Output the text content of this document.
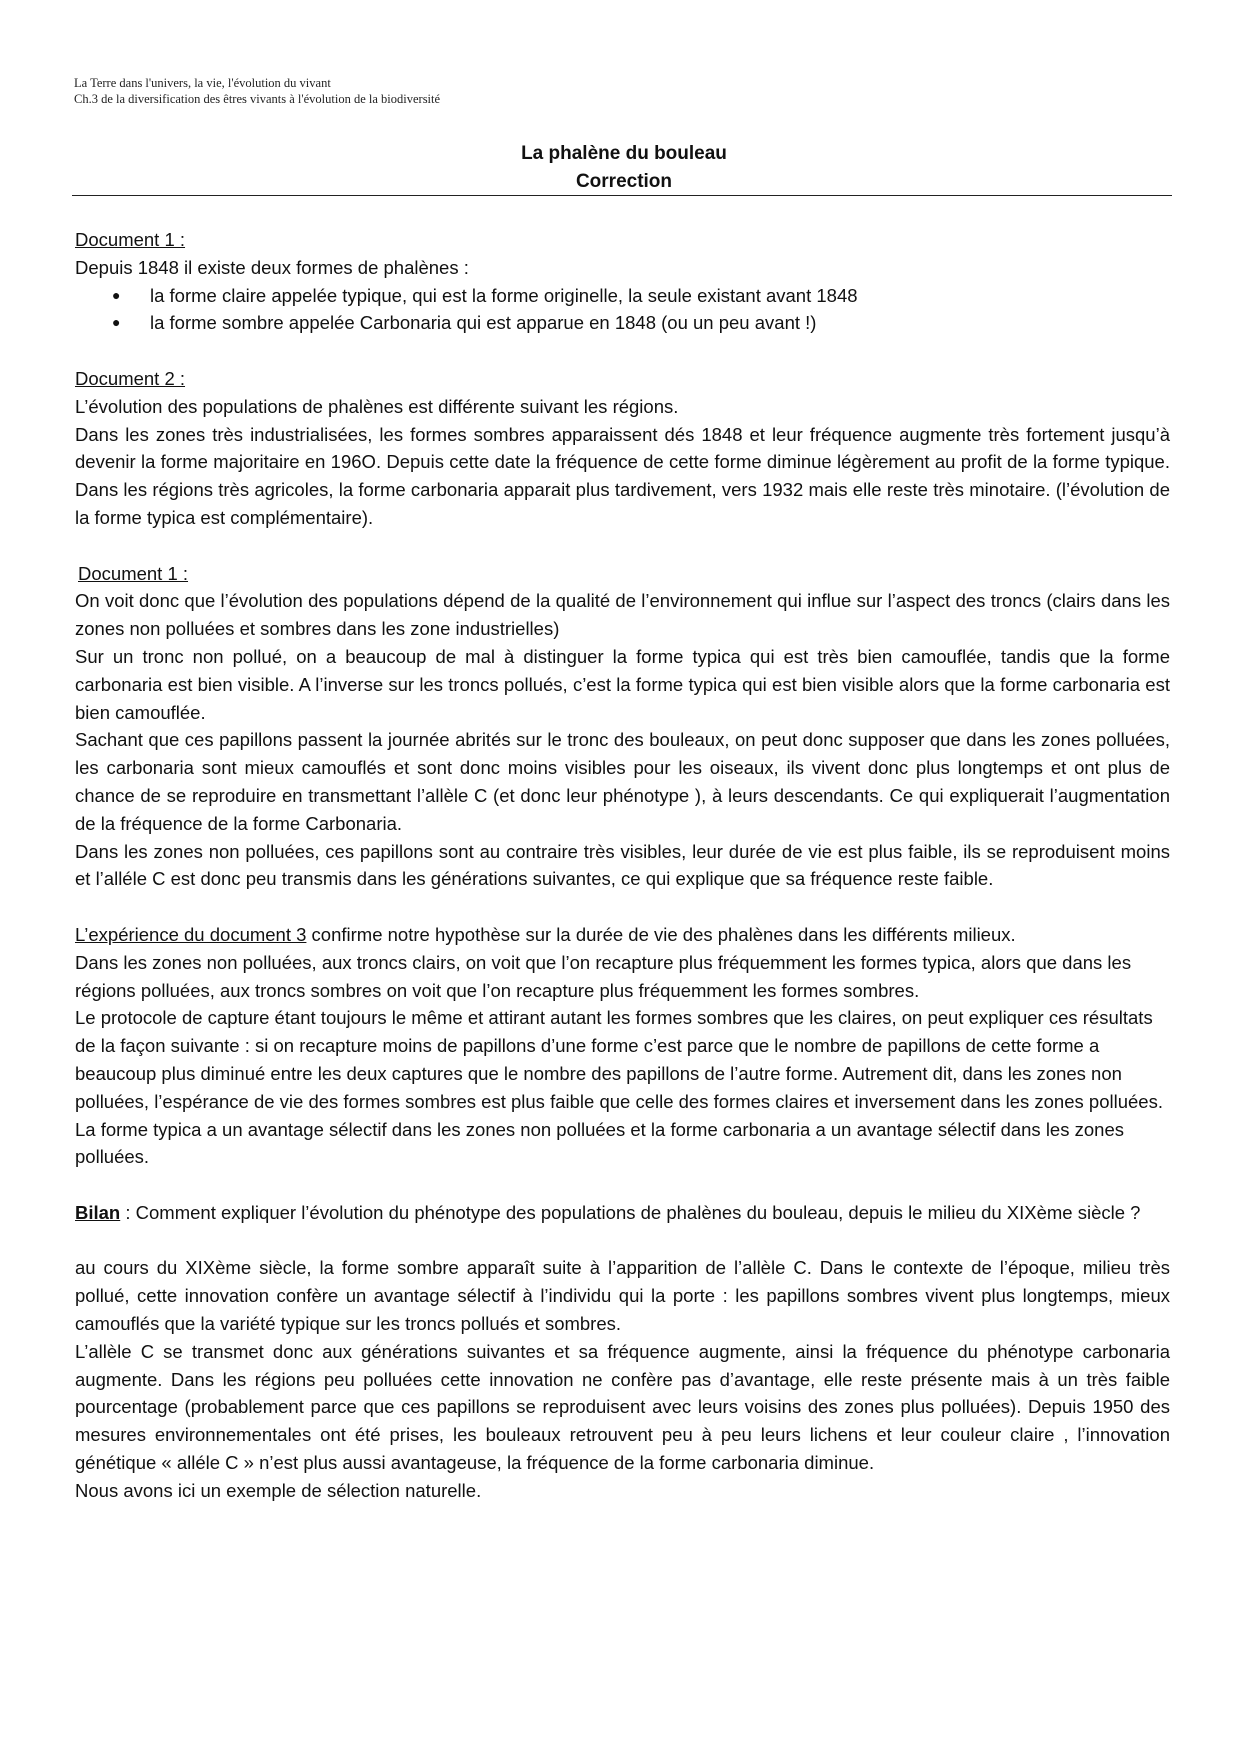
La Terre dans l'univers, la vie, l'évolution du vivant
Ch.3 de la diversification des êtres vivants à l'évolution de la biodiversité
La phalène du bouleau
Correction

Document 1 :

Depuis 1848 il existe deux formes de phalènes :

● la forme claire appelée typique, qui est la forme originelle, la seule existant avant 1848
● la forme sombre appelée Carbonaria qui est apparue en 1848 (ou un peu avant !)

Document 2 :

L’évolution des populations de phalènes est différente suivant les régions.

Dans les zones très industrialisées, les formes sombres apparaissent dés 1848 et leur fréquence augmente très fortement jusqu’à devenir la forme majoritaire en 196O. Depuis cette date la fréquence de cette forme diminue légèrement au profit de la forme typique. Dans les régions très agricoles, la forme carbonaria apparait plus tardivement, vers 1932 mais elle reste très minotaire. (l’évolution de la forme typica est complémentaire).

Document 1 :

On voit donc que l’évolution des populations dépend de la qualité de l’environnement qui influe sur l’aspect des troncs (clairs dans les zones non polluées et sombres dans les zone industrielles)

Sur un tronc non pollué, on a beaucoup de mal à distinguer la forme typica qui est très bien camouflée, tandis que la forme carbonaria est bien visible. A l’inverse sur les troncs pollués, c’est la forme typica qui est bien visible alors que la forme carbonaria est bien camouflée.

Sachant que ces papillons passent la journée abrités sur le tronc des bouleaux, on peut donc supposer que dans les zones polluées, les carbonaria sont mieux camouflés et sont donc moins visibles pour les oiseaux, ils vivent donc plus longtemps et ont plus de chance de se reproduire en transmettant l’allèle C (et donc leur phénotype ), à leurs descendants. Ce qui expliquerait l’augmentation de la fréquence de la forme Carbonaria.

Dans les zones non polluées, ces papillons sont au contraire très visibles, leur durée de vie est plus faible, ils se reproduisent moins et l’alléle C est donc peu transmis dans les générations suivantes, ce qui explique que sa fréquence reste faible.

L’expérience du document 3 confirme notre hypothèse sur la durée de vie des phalènes dans les différents milieux.

Dans les zones non polluées, aux troncs clairs, on voit que l’on recapture plus fréquemment les formes typica, alors que dans les régions polluées, aux troncs sombres on voit que l’on recapture plus fréquemment les formes sombres.

Le protocole de capture étant toujours le même et attirant autant les formes sombres que les claires, on peut expliquer ces résultats de la façon suivante : si on recapture moins de papillons d’une forme c’est parce que le nombre de papillons de cette forme a beaucoup plus diminué entre les deux captures que le nombre des papillons de l’autre forme. Autrement dit, dans les zones non polluées, l’espérance de vie des formes sombres est plus faible que celle des formes claires et inversement dans les zones polluées.

La forme typica a un avantage sélectif dans les zones non polluées et la forme carbonaria a un avantage sélectif dans les zones polluées.

Bilan : Comment expliquer l’évolution du phénotype des populations de phalènes du bouleau, depuis le milieu du XIXème siècle ?

au cours du XIXème siècle, la forme sombre apparaît suite à l’apparition de l’allèle C. Dans le contexte de l’époque, milieu très pollué, cette innovation confère un avantage sélectif à l’individu qui la porte : les papillons sombres vivent plus longtemps, mieux camouflés que la variété typique sur les troncs pollués et sombres.

L’allèle C se transmet donc aux générations suivantes et sa fréquence augmente, ainsi la fréquence du phénotype carbonaria augmente. Dans les régions peu polluées cette innovation ne confère pas d’avantage, elle reste présente mais à un très faible pourcentage (probablement parce que ces papillons se reproduisent avec leurs voisins des zones plus polluées). Depuis 1950 des mesures environnementales ont été prises, les bouleaux retrouvent peu à peu leurs lichens et leur couleur claire , l’innovation génétique « alléle C » n’est plus aussi avantageuse, la fréquence de la forme carbonaria diminue.

Nous avons ici un exemple de sélection naturelle.
